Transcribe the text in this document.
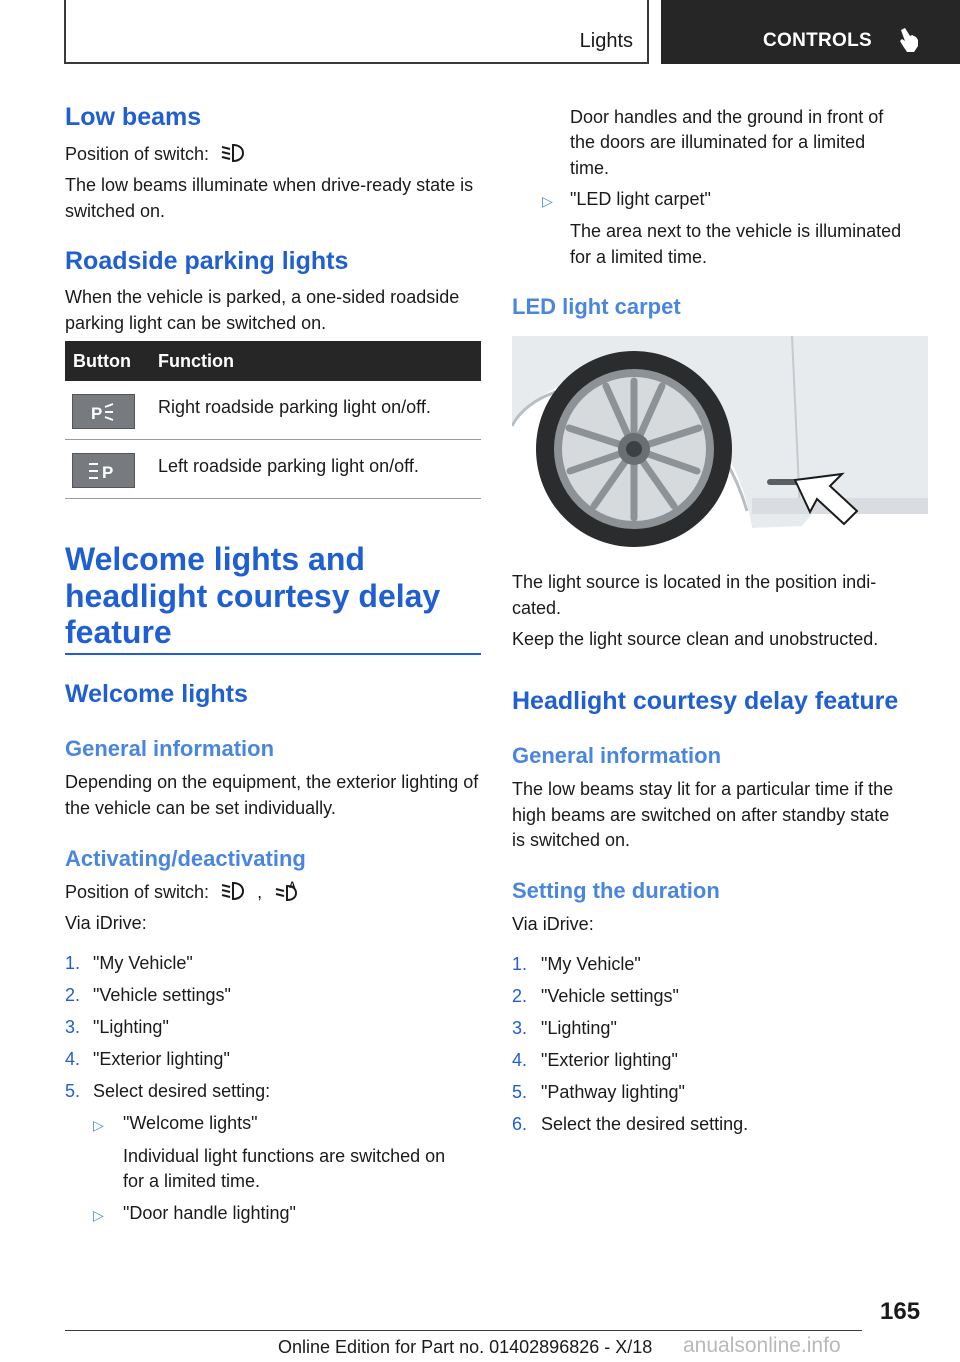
Lights	CONTROLS
Low beams
Position of switch:
The low beams illuminate when drive-ready state is switched on.
Roadside parking lights
When the vehicle is parked, a one-sided roadside parking light can be switched on.
Button Function
P	Right roadside parking light on/off.
P Left roadside parking light on/off.
Welcome lights and
headlight courtesy delay
feature
Welcome lights
General information
Depending on the equipment, the exterior lighting of the vehicle can be set individually.
Activating/deactivating
Position of switch:	,	A
Via iDrive:
1. "My Vehicle"
2. "Vehicle settings"
3. "Lighting"
4. "Exterior lighting"
5. Select desired setting:
▷ "Welcome lights"
Individual light functions are switched on
for a limited time.
▷ "Door handle lighting"
Door handles and the ground in front of
the doors are illuminated for a limited
time.
▷ "LED light carpet"
The area next to the vehicle is illuminated
for a limited time.
LED light carpet
The light source is located in the position indi-
cated.
Keep the light source clean and unobstructed.
Headlight courtesy delay feature
General information
The low beams stay lit for a particular time if the
high beams are switched on after standby state
is switched on.
Setting the duration
Via iDrive:
1. "My Vehicle"
2. "Vehicle settings"
3. "Lighting"
4. "Exterior lighting"
5. "Pathway lighting"
6. Select the desired setting.
165
Online Edition for Part no. 01402896826 - X/18 anualsonline.info
